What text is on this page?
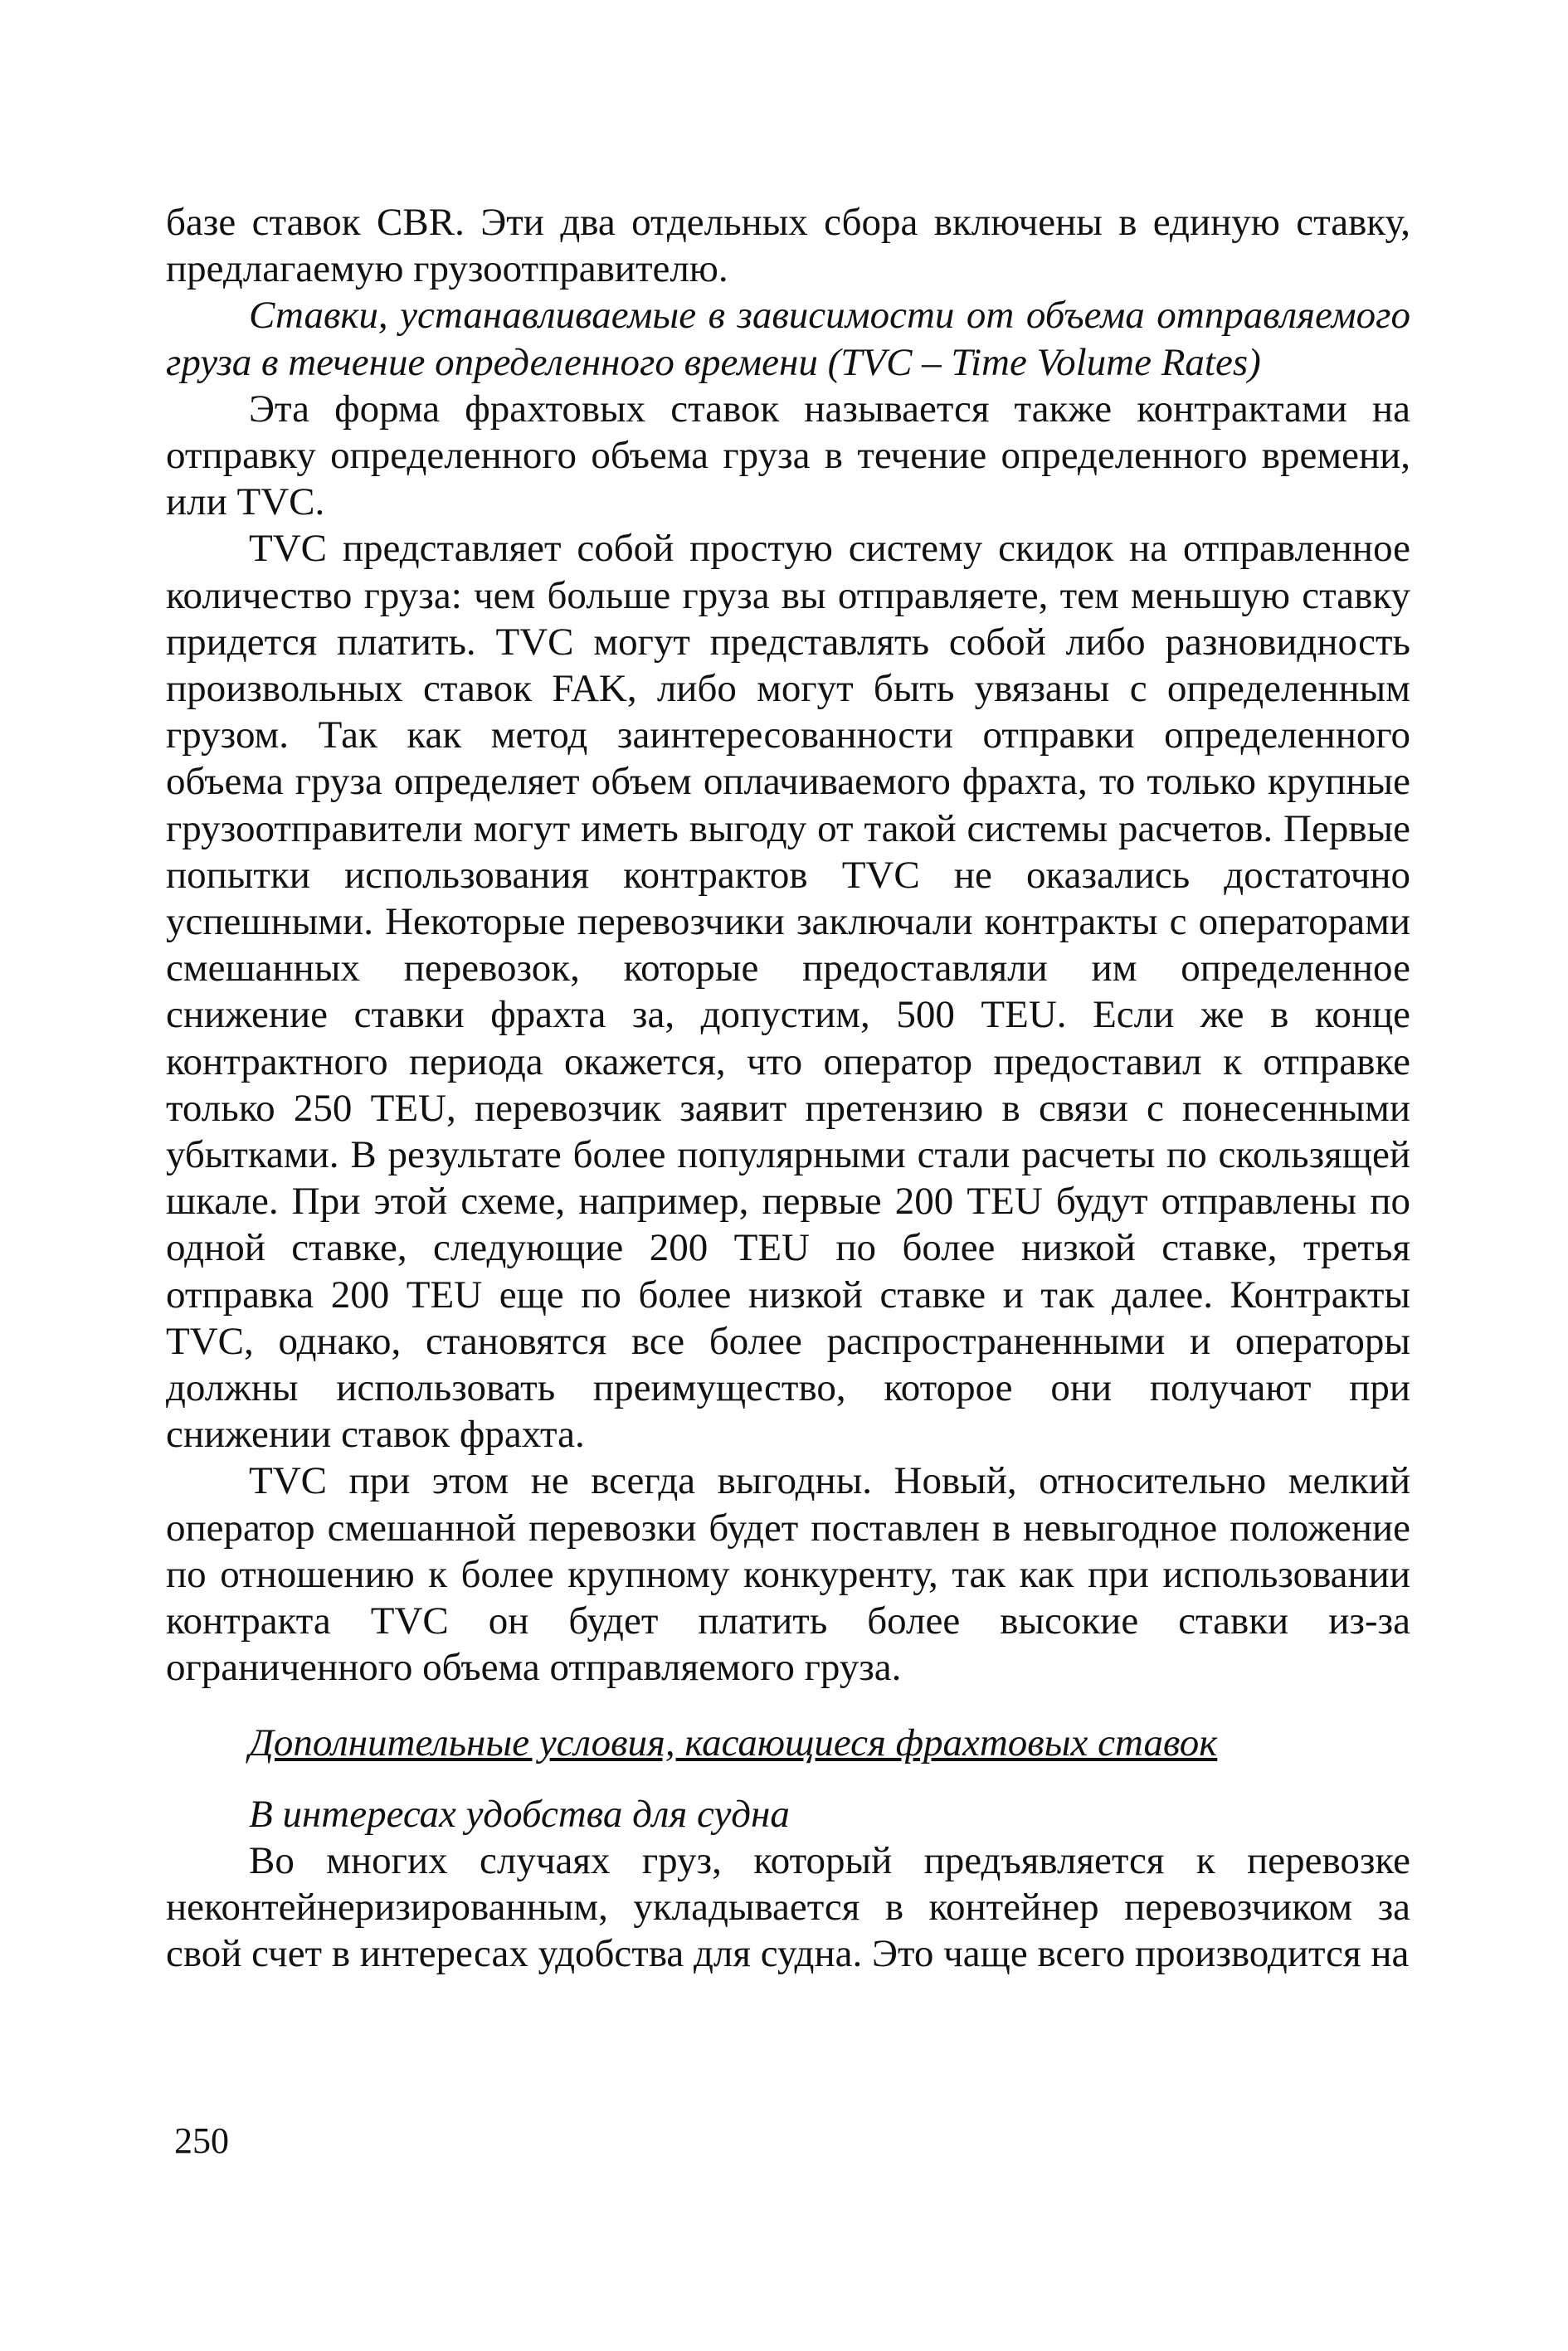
базе ставок CBR. Эти два отдельных сбора включены в единую ставку, предлагаемую грузоотправителю.

Ставки, устанавливаемые в зависимости от объема отправляемого груза в течение определенного времени (TVC – Time Volume Rates)

Эта форма фрахтовых ставок называется также контрактами на отправку определенного объема груза в течение определенного времени, или TVC.

TVC представляет собой простую систему скидок на отправленное количество груза: чем больше груза вы отправляете, тем меньшую ставку придется платить. TVC могут представлять собой либо разновидность произвольных ставок FAK, либо могут быть увязаны с определенным грузом. Так как метод заинтересованности отправки определенного объема груза определяет объем оплачиваемого фрахта, то только крупные грузоотправители могут иметь выгоду от такой системы расчетов. Первые попытки использования контрактов TVC не оказались достаточно успешными. Некоторые перевозчики заключали контракты с операторами смешанных перевозок, которые предоставляли им определенное снижение ставки фрахта за, допустим, 500 TEU. Если же в конце контрактного периода окажется, что оператор предоставил к отправке только 250 TEU, перевозчик заявит претензию в связи с понесенными убытками. В результате более популярными стали расчеты по скользящей шкале. При этой схеме, например, первые 200 TEU будут отправлены по одной ставке, следующие 200 TEU по более низкой ставке, третья отправка 200 TEU еще по более низкой ставке и так далее. Контракты TVC, однако, становятся все более распространенными и операторы должны использовать преимущество, которое они получают при снижении ставок фрахта.

TVC при этом не всегда выгодны. Новый, относительно мелкий оператор смешанной перевозки будет поставлен в невыгодное положение по отношению к более крупному конкуренту, так как при использовании контракта TVC он будет платить более высокие ставки из-за ограниченного объема отправляемого груза.

Дополнительные условия, касающиеся фрахтовых ставок

В интересах удобства для судна

Во многих случаях груз, который предъявляется к перевозке неконтейнеризированным, укладывается в контейнер перевозчиком за свой счет в интересах удобства для судна. Это чаще всего производится на

250
